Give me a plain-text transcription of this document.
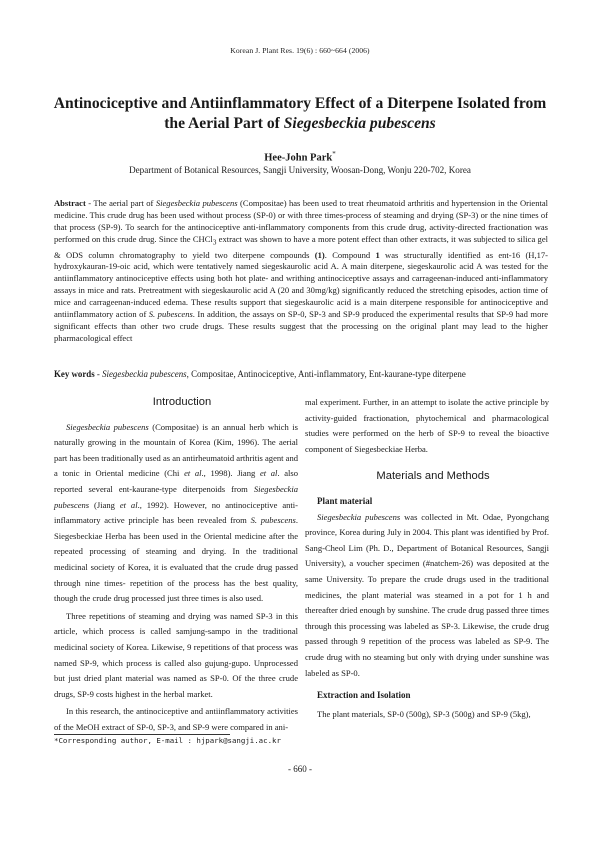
Korean J. Plant Res. 19(6) : 660~664 (2006)
Antinociceptive and Antiinflammatory Effect of a Diterpene Isolated from
the Aerial Part of Siegesbeckia pubescens
Hee-John Park*
Department of Botanical Resources, Sangji University, Woosan-Dong, Wonju 220-702, Korea
Abstract - The aerial part of Siegesbeckia pubescens (Compositae) has been used to treat rheumatoid arthritis and hypertension in the Oriental medicine. This crude drug has been used without process (SP-0) or with three times-process of steaming and drying (SP-3) or the nine times of that process (SP-9). To search for the antinociceptive anti-inflammatory components from this crude drug, activity-directed fractionation was performed on this crude drug. Since the CHCl$_3$ extract was shown to have a more potent effect than other extracts, it was subjected to silica gel & ODS column chromatography to yield two diterpene compounds (1). Compound 1 was structurally identified as ent-16 (H,17-hydroxykauran-19-oic acid, which were tentatively named siegeskaurolic acid A. A main diterpene, siegeskaurolic acid A was tested for the antiinflammatory antinociceptive effects using both hot plate- and writhing antinociceptive assays and carrageenan-induced anti-inflammatory assays in mice and rats. Pretreatment with siegeskaurolic acid A (20 and 30mg/kg) significantly reduced the stretching episodes, action time of mice and carrageenan-induced edema. These results support that siegeskaurolic acid is a main diterpene responsible for antinociceptive and antiinflammatory action of S. pubescens. In addition, the assays on SP-0, SP-3 and SP-9 produced the experimental results that SP-9 had more significant effects than other two crude drugs. These results suggest that the processing on the original plant may lead to the higher pharmacological effect
Key words - Siegesbeckia pubescens, Compositae, Antinociceptive, Anti-inflammatory, Ent-kaurane-type diterpene

Introduction

Siegesbeckia pubescens (Compositae) is an annual herb which is naturally growing in the mountain of Korea (Kim, 1996). The aerial part has been traditionally used as an antirheumatoid arthritis agent and a tonic in Oriental medicine (Chi et al., 1998). Jiang et al. also reported several ent-kaurane-type diterpenoids from Siegesbeckia pubescens (Jiang et al., 1992). However, no antinociceptive anti-inflammatory active principle has been revealed from S. pubescens. Siegesbeckiae Herba has been used in the Oriental medicine after the repeated processing of steaming and drying. In the traditional medicinal society of Korea, it is evaluated that the crude drug passed through nine times- repetition of the process has the best quality, though the crude drug processed just three times is also used.

Three repetitions of steaming and drying was named SP-3 in this article, which process is called samjung-sampo in the traditional medicinal society of Korea. Likewise, 9 repetitions of that process was named SP-9, which process is called also gujung-gupo. Unprocessed but just dried plant material was named as SP-0. Of the three crude drugs, SP-9 costs highest in the herbal market.

In this research, the antinociceptive and antiinflammatory activities of the MeOH extract of SP-0, SP-3, and SP-9 were compared in ani-

mal experiment. Further, in an attempt to isolate the active principle by activity-guided fractionation, phytochemical and pharmacological studies were performed on the herb of SP-9 to reveal the bioactive component of Siegesbeckiae Herba.

Materials and Methods

Plant material

Siegesbeckia pubescens was collected in Mt. Odae, Pyongchang province, Korea during July in 2004. This plant was identified by Prof. Sang-Cheol Lim (Ph. D., Department of Botanical Resources, Sangji University), a voucher specimen (#natchem-26) was deposited at the same University. To prepare the crude drugs used in the traditional medicines, the plant material was steamed in a pot for 1 h and thereafter dried enough by sunshine. The crude drug passed three times through this processing was labeled as SP-3. Likewise, the crude drug passed through 9 repetition of the process was labeled as SP-9. The crude drug with no steaming but only with drying under sunshine was labeled as SP-0.

Extraction and Isolation

The plant materials, SP-0 (500g), SP-3 (500g) and SP-9 (5kg),

*Corresponding author, E-mail : hjpark@sangji.ac.kr
- 660 -
